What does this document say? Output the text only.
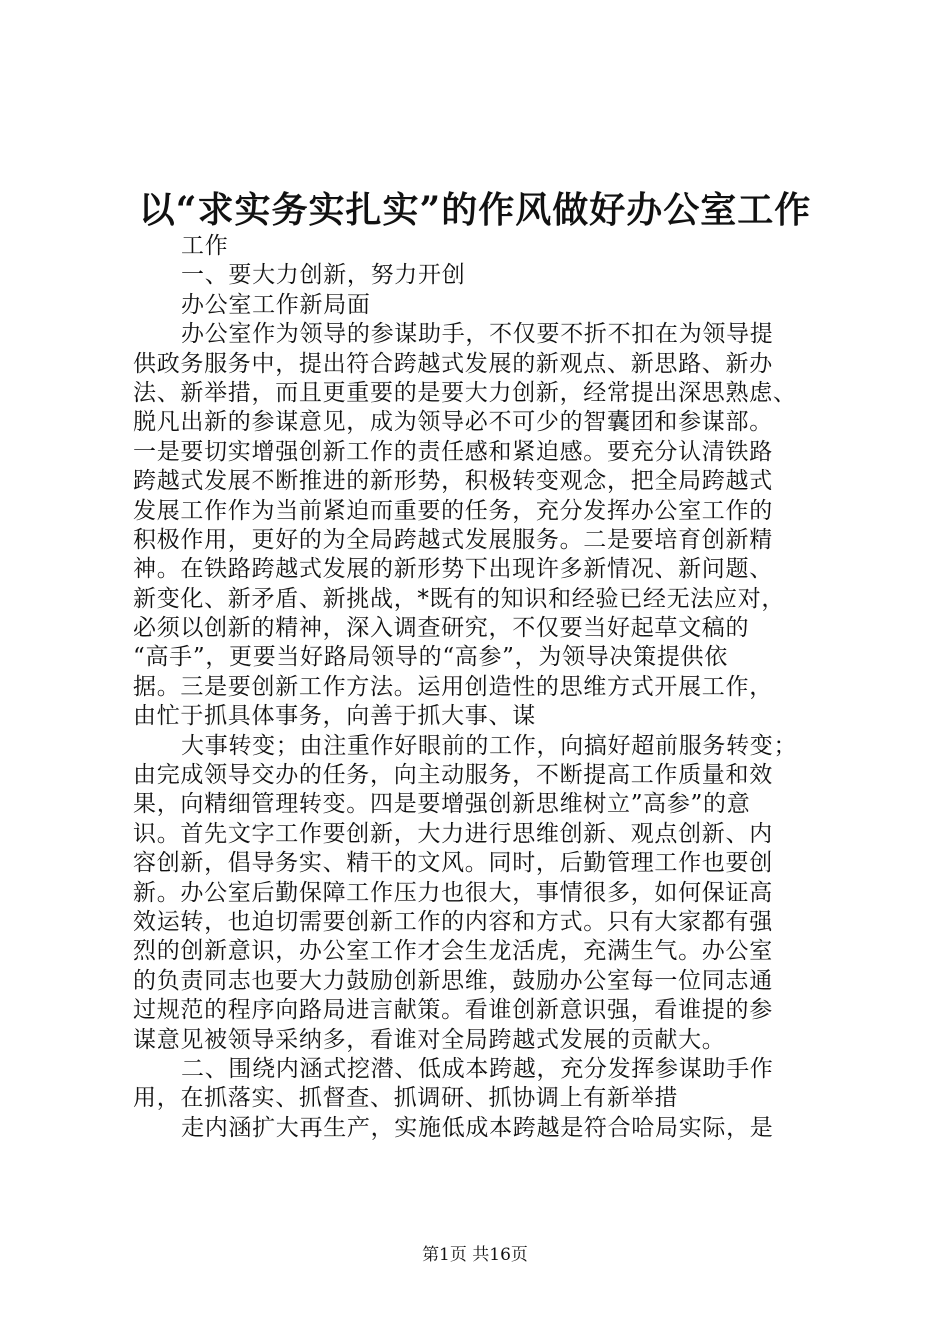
以“求实务实扎实”的作风做好办公室工作
工作
一、要大力创新，努力开创
办公室工作新局面
办公室作为领导的参谋助手，不仅要不折不扣在为领导提
供政务服务中，提出符合跨越式发展的新观点、新思路、新办
法、新举措，而且更重要的是要大力创新，经常提出深思熟虑、
脱凡出新的参谋意见，成为领导必不可少的智囊团和参谋部。
一是要切实增强创新工作的责任感和紧迫感。要充分认清铁路
跨越式发展不断推进的新形势，积极转变观念，把全局跨越式
发展工作作为当前紧迫而重要的任务，充分发挥办公室工作的
积极作用，更好的为全局跨越式发展服务。二是要培育创新精
神。在铁路跨越式发展的新形势下出现许多新情况、新问题、
新变化、新矛盾、新挑战，*既有的知识和经验已经无法应对，
必须以创新的精神，深入调查研究，不仅要当好起草文稿的
“高手”，更要当好路局领导的“高参”，为领导决策提供依
据。三是要创新工作方法。运用创造性的思维方式开展工作，
由忙于抓具体事务，向善于抓大事、谋
大事转变；由注重作好眼前的工作，向搞好超前服务转变；
由完成领导交办的任务，向主动服务，不断提高工作质量和效
果，向精细管理转变。四是要增强创新思维树立”高参”的意
识。首先文字工作要创新，大力进行思维创新、观点创新、内
容创新，倡导务实、精干的文风。同时，后勤管理工作也要创
新。办公室后勤保障工作压力也很大，事情很多，如何保证高
效运转，也迫切需要创新工作的内容和方式。只有大家都有强
烈的创新意识，办公室工作才会生龙活虎，充满生气。办公室
的负责同志也要大力鼓励创新思维，鼓励办公室每一位同志通
过规范的程序向路局进言献策。看谁创新意识强，看谁提的参
谋意见被领导采纳多，看谁对全局跨越式发展的贡献大。
二、围绕内涵式挖潜、低成本跨越，充分发挥参谋助手作
用，在抓落实、抓督查、抓调研、抓协调上有新举措
走内涵扩大再生产，实施低成本跨越是符合哈局实际，是
第1页 共16页
